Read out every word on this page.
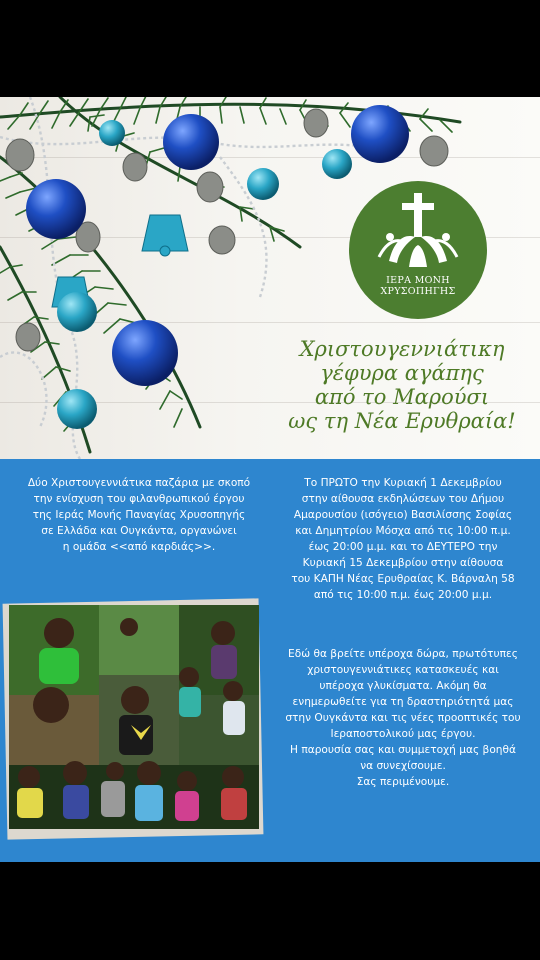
ΙΕΡΑ ΜΟΝΗ
ΧΡΥΣΟΠΗΓΗΣ
Χριστουγεννιάτικη
γέφυρα αγάπης
από το Μαρούσι
ως τη Νέα Ερυθραία!

Δύο Χριστουγεννιάτικα παζάρια με σκοπό
την ενίσχυση του φιλανθρωπικού έργου
της Ιεράς Μονής Παναγίας Χρυσοπηγής
σε Ελλάδα και Ουγκάντα, οργανώνει
η ομάδα <<από καρδιάς>>.

Το ΠΡΩΤΟ την Κυριακή 1 Δεκεμβρίου
στην αίθουσα εκδηλώσεων του Δήμου
Αμαρουσίου (ισόγειο) Βασιλίσσης Σοφίας
και Δημητρίου Μόσχα από τις 10:00 π.μ.
έως 20:00 μ.μ. και το ΔΕΥΤΕΡΟ την
Κυριακή 15 Δεκεμβρίου στην αίθουσα
του ΚΑΠΗ Νέας Ερυθραίας Κ. Βάρναλη 58
από τις 10:00 π.μ. έως 20:00 μ.μ.

Εδώ θα βρείτε υπέροχα δώρα, πρωτότυπες
χριστουγεννιάτικες κατασκευές και
υπέροχα γλυκίσματα. Ακόμη θα
ενημερωθείτε για τη δραστηριότητά μας
στην Ουγκάντα και τις νέες προοπτικές του
Ιεραποστολικού μας έργου.

Η παρουσία σας και συμμετοχή μας βοηθά
να συνεχίσουμε.
Σας περιμένουμε.
